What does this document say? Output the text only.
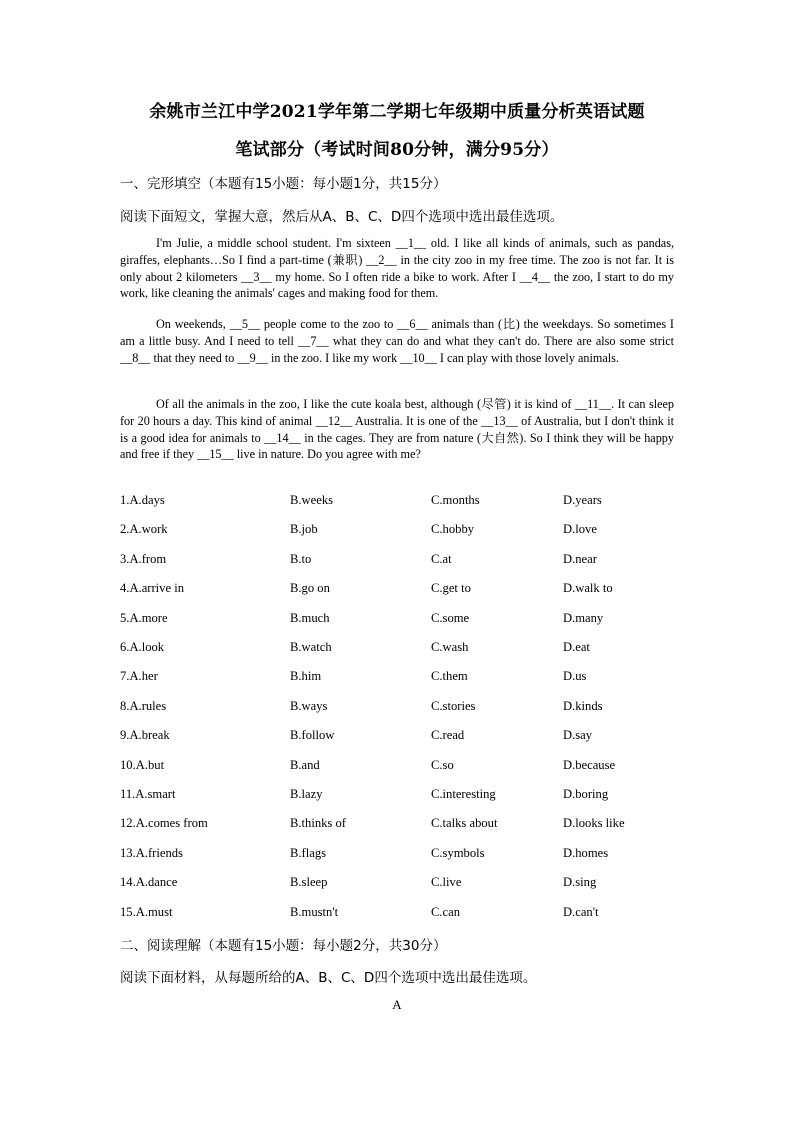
余姚市兰江中学2021学年第二学期七年级期中质量分析英语试题
笔试部分（考试时间80分钟，满分95分）
一、完形填空（本题有15小题：每小题1分，共15分）
阅读下面短文，掌握大意，然后从A、B、C、D四个选项中选出最佳选项。
I'm Julie, a middle school student. I'm sixteen __1__ old. I like all kinds of animals, such as pandas, giraffes, elephants…So I find a part-time (兼职) __2__ in the city zoo in my free time. The zoo is not far. It is only about 2 kilometers __3__ my home. So I often ride a bike to work. After I __4__ the zoo, I start to do my work, like cleaning the animals' cages and making food for them.
On weekends, __5__ people come to the zoo to __6__ animals than (比) the weekdays. So sometimes I am a little busy. And I need to tell __7__ what they can do and what they can't do. There are also some strict __8__ that they need to __9__ in the zoo. I like my work __10__ I can play with those lovely animals.
Of all the animals in the zoo, I like the cute koala best, although (尽管) it is kind of __11__. It can sleep for 20 hours a day. This kind of animal __12__ Australia. It is one of the __13__ of Australia, but I don't think it is a good idea for animals to __14__ in the cages. They are from nature (大自然). So I think they will be happy and free if they __15__ live in nature. Do you agree with me?
1.A.days	B.weeks	C.months	D.years
2.A.work	B.job	C.hobby	D.love
3.A.from	B.to	C.at	D.near
4.A.arrive in	B.go on	C.get to	D.walk to
5.A.more	B.much	C.some	D.many
6.A.look	B.watch	C.wash	D.eat
7.A.her	B.him	C.them	D.us
8.A.rules	B.ways	C.stories	D.kinds
9.A.break	B.follow	C.read	D.say
10.A.but	B.and	C.so	D.because
11.A.smart	B.lazy	C.interesting	D.boring
12.A.comes from	B.thinks of	C.talks about	D.looks like
13.A.friends	B.flags	C.symbols	D.homes
14.A.dance	B.sleep	C.live	D.sing
15.A.must	B.mustn't	C.can	D.can't
二、阅读理解（本题有15小题：每小题2分，共30分）
阅读下面材料，从每题所给的A、B、C、D四个选项中选出最佳选项。
A
